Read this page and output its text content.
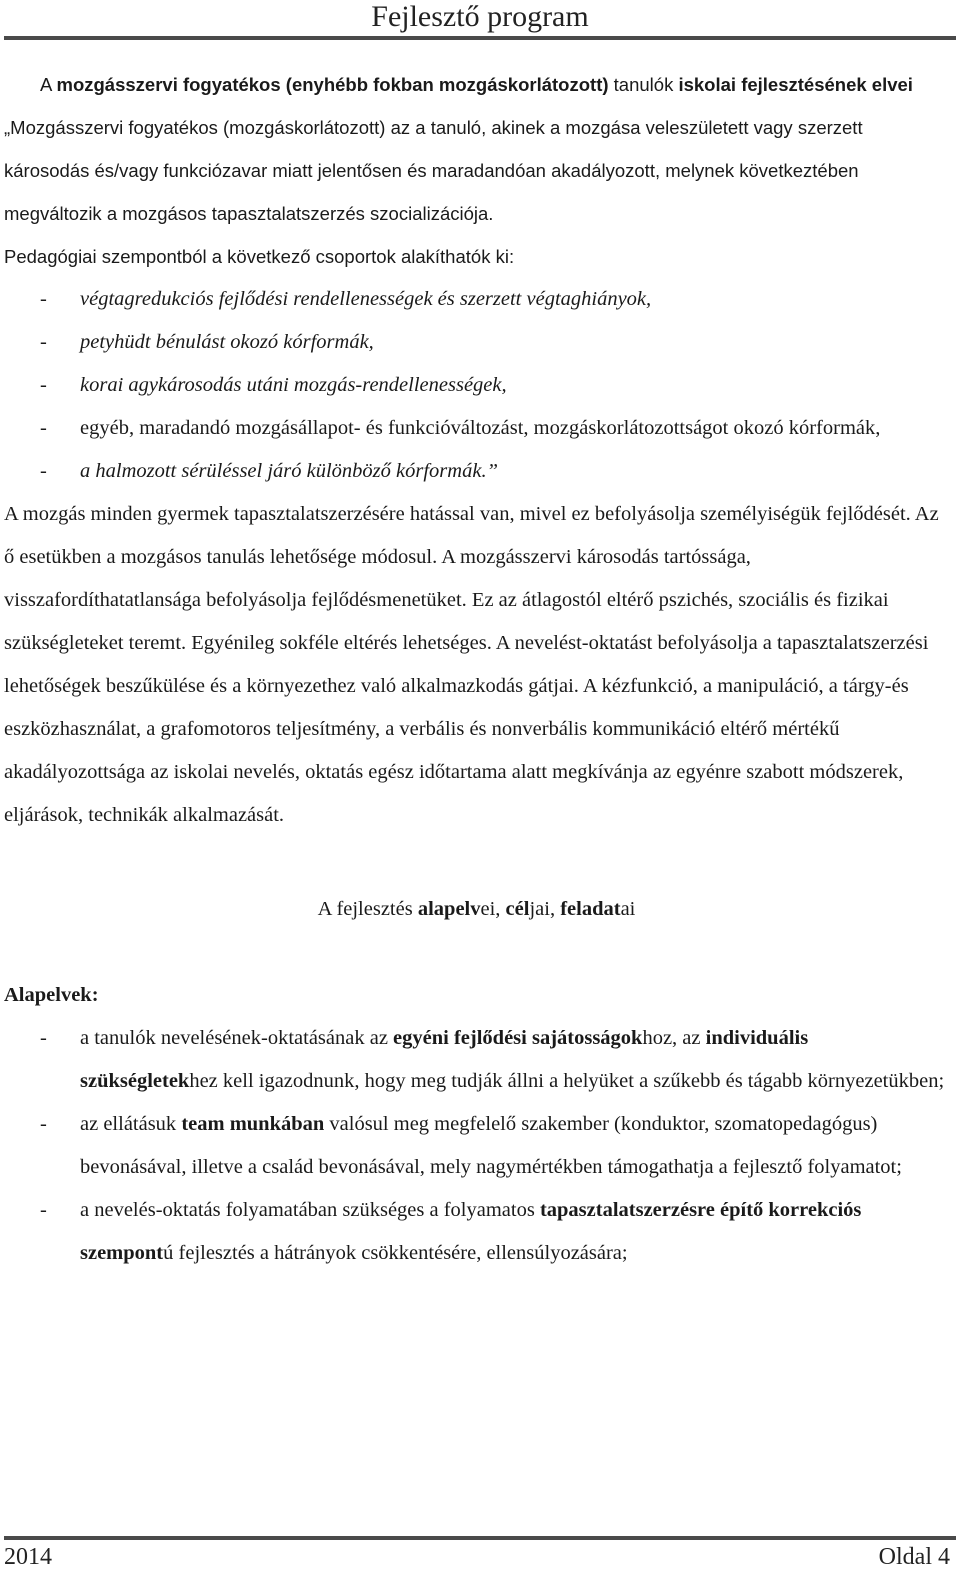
Fejlesztő program

A mozgásszervi fogyatékos (enyhébb fokban mozgáskorlátozott) tanulók iskolai fejlesztésének elvei

„Mozgásszervi fogyatékos (mozgáskorlátozott) az a tanuló, akinek a mozgása veleszületett vagy szerzett károsodás és/vagy funkciózavar miatt jelentősen és maradandóan akadályozott, melynek következtében megváltozik a mozgásos tapasztalatszerzés szocializációja.

Pedagógiai szempontból a következő csoportok alakíthatók ki:

- végtagredukciós fejlődési rendellenességek és szerzett végtaghiányok,
- petyhüdt bénulást okozó kórformák,
- korai agykárosodás utáni mozgás-rendellenességek,
- egyéb, maradandó mozgásállapot- és funkcióváltozást, mozgáskorlátozottságot okozó kórformák,
- a halmozott sérüléssel járó különböző kórformák.”

A mozgás minden gyermek tapasztalatszerzésére hatással van, mivel ez befolyásolja személyiségük fejlődését. Az ő esetükben a mozgásos tanulás lehetősége módosul. A mozgásszervi károsodás tartóssága, visszafordíthatatlansága befolyásolja fejlődésmenetüket. Ez az átlagostól eltérő pszichés, szociális és fizikai szükségleteket teremt. Egyénileg sokféle eltérés lehetséges. A nevelést-oktatást befolyásolja a tapasztalatszerzési lehetőségek beszűkülése és a környezethez való alkalmazkodás gátjai. A kézfunkció, a manipuláció, a tárgy-és eszközhasználat, a grafomotoros teljesítmény, a verbális és nonverbális kommunikáció eltérő mértékű akadályozottsága az iskolai nevelés, oktatás egész időtartama alatt megkívánja az egyénre szabott módszerek, eljárások, technikák alkalmazását.

A fejlesztés alapelvei, céljai, feladatai

Alapelvek:

- a tanulók nevelésének-oktatásának az egyéni fejlődési sajátosságokhoz, az individuális szükségletekhez kell igazodnunk, hogy meg tudják állni a helyüket a szűkebb és tágabb környezetükben;
- az ellátásuk team munkában valósul meg megfelelő szakember (konduktor, szomatopedagógus) bevonásával, illetve a család bevonásával, mely nagymértékben támogathatja a fejlesztő folyamatot;
- a nevelés-oktatás folyamatában szükséges a folyamatos tapasztalatszerzésre építő korrekciós szempontú fejlesztés a hátrányok csökkentésére, ellensúlyozására;
2014	Oldal 4
